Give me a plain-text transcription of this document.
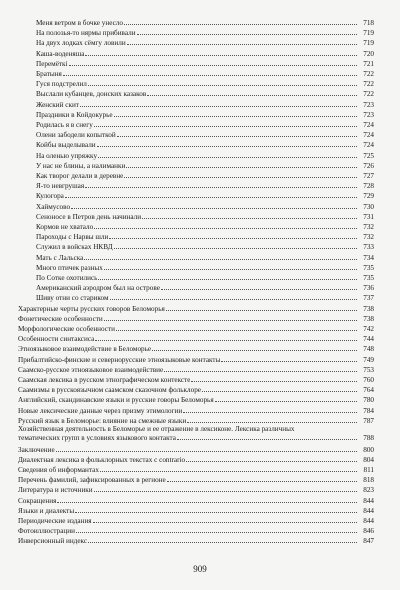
Меня ветром в бочке унесло	718
На полозья-то нярмы прибивали	719
На двух лодках сёмгу ловили	719
Каша-воденяша	720
Перемёткі	721
Братыня	722
Гуся подстрелил	722
Выслали кубанцев, донских казаков	722
Женский скит	723
Праздники в Койдокурье	723
Родилась я в снегу	724
Олени забодели копыткой	724
Койбы выделывали	724
На оленью упряжку	725
У нас не блины, а налиманки	726
Как творог делали в деревне	727
Я-то невгрушая	728
Кулогора	729
Хаймусово	730
Сеноносе в Петров день начинали	731
Кормов не хватало	732
Пароходы с Нарвы шли	732
Служил в войсках НКВД	733
Мать с Лальска	734
Много птичек разных	735
По Сотке охотились	735
Американский аэродром был на острове	736
Шиву отни со стариком	737
Характерные черты русских говоров Беломорья	738
Фонетические особенности	738
Морфологические особенности	742
Особенности синтаксиса	744
Этноязыковое взаимодействие в Беломорье	748
Прибалтийско-финские и севернорусские этноязыковые контакты	749
Саамско-русское этноязыковое взаимодействие	753
Саамская лексика в русском этнографическом контексте	760
Саамизмы в русскоязычном саамском сказочном фольклоре	764
Английский, скандинавские языки и русские говоры Беломорья	780
Новые лексические данные через призму этимологии	784
Русский язык в Беломорье: влияние на смежные языки	787
Хозяйственная деятельность в Беломорье и ее отражение в лексиконе. Лексика различных
тематических групп в условиях языкового контакта	788
Заключение	800
Диалектная лексика в фольклорных текстах с contrario	804
Сведения об информантах	811
Перечень фамилий, зафиксированных в регионе	818
Литература и источники	823
Сокращения	844
Языки и диалекты	844
Периодические издания	844
Фотоиллюстрации	846
Инверсионный индекс	847
909
